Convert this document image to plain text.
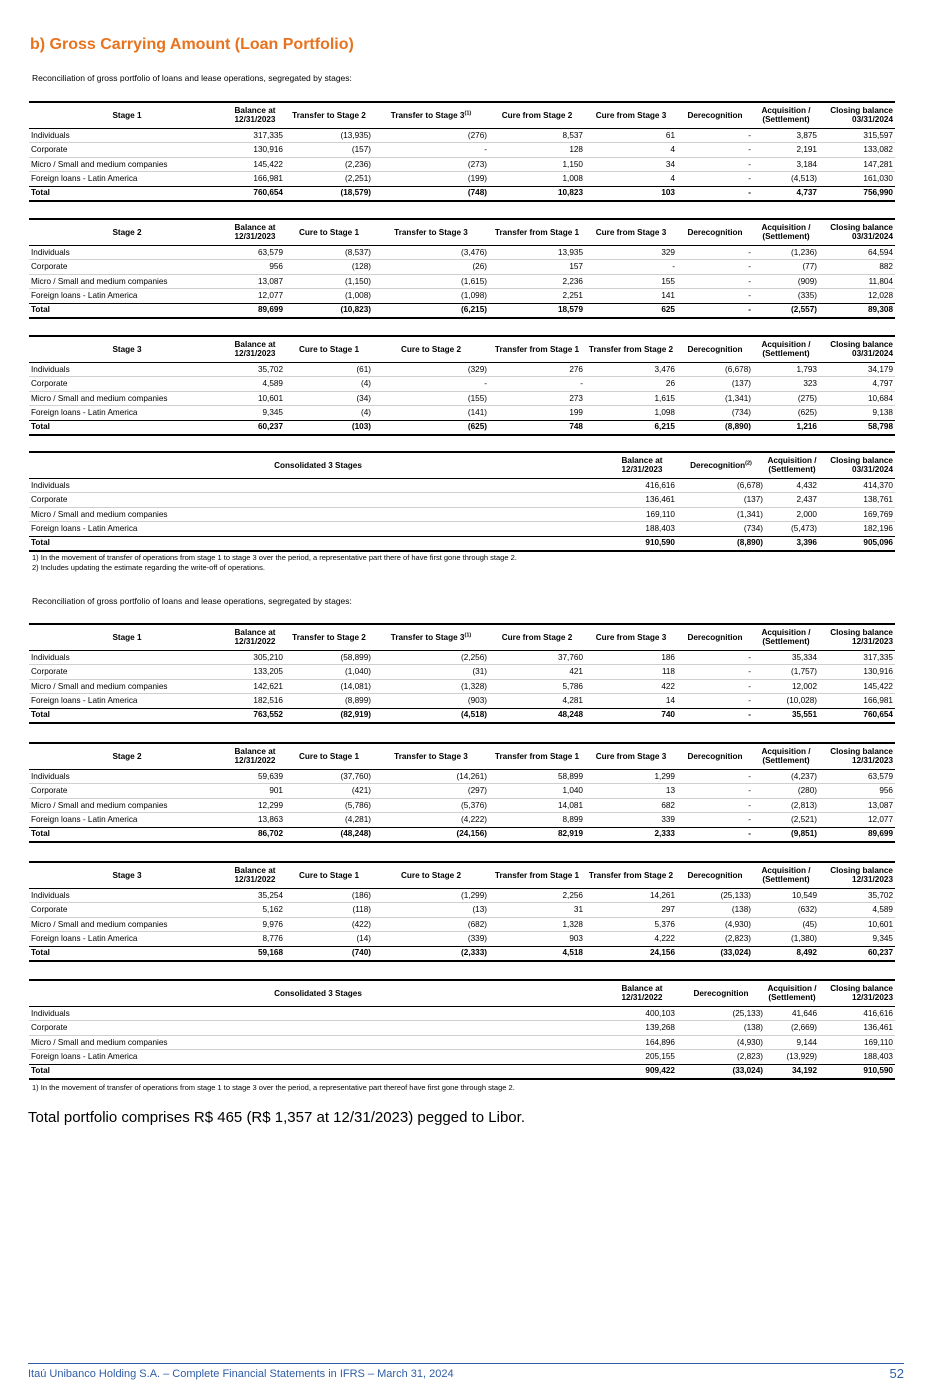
b) Gross Carrying Amount (Loan Portfolio)

Reconciliation of gross portfolio of loans and lease operations, segregated by stages:

Stage 1	Balance at 12/31/2023	Transfer to Stage 2	Transfer to Stage 3$^{(1)}$	Cure from Stage 2	Cure from Stage 3	Derecognition	Acquisition / (Settlement)	Closing balance 03/31/2024
Individuals	317,335	(13,935)	(276)	8,537	61	-	3,875	315,597
Corporate	130,916	(157)	-	128	4	-	2,191	133,082
Micro / Small and medium companies	145,422	(2,236)	(273)	1,150	34	-	3,184	147,281
Foreign loans - Latin America	166,981	(2,251)	(199)	1,008	4	-	(4,513)	161,030
Total	760,654	(18,579)	(748)	10,823	103	-	4,737	756,990
Stage 2	Balance at 12/31/2023	Cure to Stage 1	Transfer to Stage 3	Transfer from Stage 1	Cure from Stage 3	Derecognition	Acquisition / (Settlement)	Closing balance 03/31/2024
Individuals	63,579	(8,537)	(3,476)	13,935	329	-	(1,236)	64,594
Corporate	956	(128)	(26)	157	-	-	(77)	882
Micro / Small and medium companies	13,087	(1,150)	(1,615)	2,236	155	-	(909)	11,804
Foreign loans - Latin America	12,077	(1,008)	(1,098)	2,251	141	-	(335)	12,028
Total	89,699	(10,823)	(6,215)	18,579	625	-	(2,557)	89,308
Stage 3	Balance at 12/31/2023	Cure to Stage 1	Cure to Stage 2	Transfer from Stage 1	Transfer from Stage 2	Derecognition	Acquisition / (Settlement)	Closing balance 03/31/2024
Individuals	35,702	(61)	(329)	276	3,476	(6,678)	1,793	34,179
Corporate	4,589	(4)	-	-	26	(137)	323	4,797
Micro / Small and medium companies	10,601	(34)	(155)	273	1,615	(1,341)	(275)	10,684
Foreign loans - Latin America	9,345	(4)	(141)	199	1,098	(734)	(625)	9,138
Total	60,237	(103)	(625)	748	6,215	(8,890)	1,216	58,798
Consolidated 3 Stages	Balance at 12/31/2023	Derecognition$^{(2)}$	Acquisition / (Settlement)	Closing balance 03/31/2024
Individuals	416,616	(6,678)	4,432	414,370
Corporate	136,461	(137)	2,437	138,761
Micro / Small and medium companies	169,110	(1,341)	2,000	169,769
Foreign loans - Latin America	188,403	(734)	(5,473)	182,196
Total	910,590	(8,890)	3,396	905,096

1) In the movement of transfer of operations from stage 1 to stage 3 over the period, a representative part there of have first gone through stage 2.

2) Includes updating the estimate regarding the write-off of operations.

Reconciliation of gross portfolio of loans and lease operations, segregated by stages:

Stage 1	Balance at 12/31/2022	Transfer to Stage 2	Transfer to Stage 3$^{(1)}$	Cure from Stage 2	Cure from Stage 3	Derecognition	Acquisition / (Settlement)	Closing balance 12/31/2023
Individuals	305,210	(58,899)	(2,256)	37,760	186	-	35,334	317,335
Corporate	133,205	(1,040)	(31)	421	118	-	(1,757)	130,916
Micro / Small and medium companies	142,621	(14,081)	(1,328)	5,786	422	-	12,002	145,422
Foreign loans - Latin America	182,516	(8,899)	(903)	4,281	14	-	(10,028)	166,981
Total	763,552	(82,919)	(4,518)	48,248	740	-	35,551	760,654
Stage 2	Balance at 12/31/2022	Cure to Stage 1	Transfer to Stage 3	Transfer from Stage 1	Cure from Stage 3	Derecognition	Acquisition / (Settlement)	Closing balance 12/31/2023
Individuals	59,639	(37,760)	(14,261)	58,899	1,299	-	(4,237)	63,579
Corporate	901	(421)	(297)	1,040	13	-	(280)	956
Micro / Small and medium companies	12,299	(5,786)	(5,376)	14,081	682	-	(2,813)	13,087
Foreign loans - Latin America	13,863	(4,281)	(4,222)	8,899	339	-	(2,521)	12,077
Total	86,702	(48,248)	(24,156)	82,919	2,333	-	(9,851)	89,699
Stage 3	Balance at 12/31/2022	Cure to Stage 1	Cure to Stage 2	Transfer from Stage 1	Transfer from Stage 2	Derecognition	Acquisition / (Settlement)	Closing balance 12/31/2023
Individuals	35,254	(186)	(1,299)	2,256	14,261	(25,133)	10,549	35,702
Corporate	5,162	(118)	(13)	31	297	(138)	(632)	4,589
Micro / Small and medium companies	9,976	(422)	(682)	1,328	5,376	(4,930)	(45)	10,601
Foreign loans - Latin America	8,776	(14)	(339)	903	4,222	(2,823)	(1,380)	9,345
Total	59,168	(740)	(2,333)	4,518	24,156	(33,024)	8,492	60,237
Consolidated 3 Stages	Balance at 12/31/2022	Derecognition	Acquisition / (Settlement)	Closing balance 12/31/2023
Individuals	400,103	(25,133)	41,646	416,616
Corporate	139,268	(138)	(2,669)	136,461
Micro / Small and medium companies	164,896	(4,930)	9,144	169,110
Foreign loans - Latin America	205,155	(2,823)	(13,929)	188,403
Total	909,422	(33,024)	34,192	910,590

1) In the movement of transfer of operations from stage 1 to stage 3 over the period, a representative part thereof have first gone through stage 2.

Total portfolio comprises R$ 465 (R$ 1,357 at 12/31/2023) pegged to Libor.

Itaú Unibanco Holding S.A. – Complete Financial Statements in IFRS – March 31, 2024	52
